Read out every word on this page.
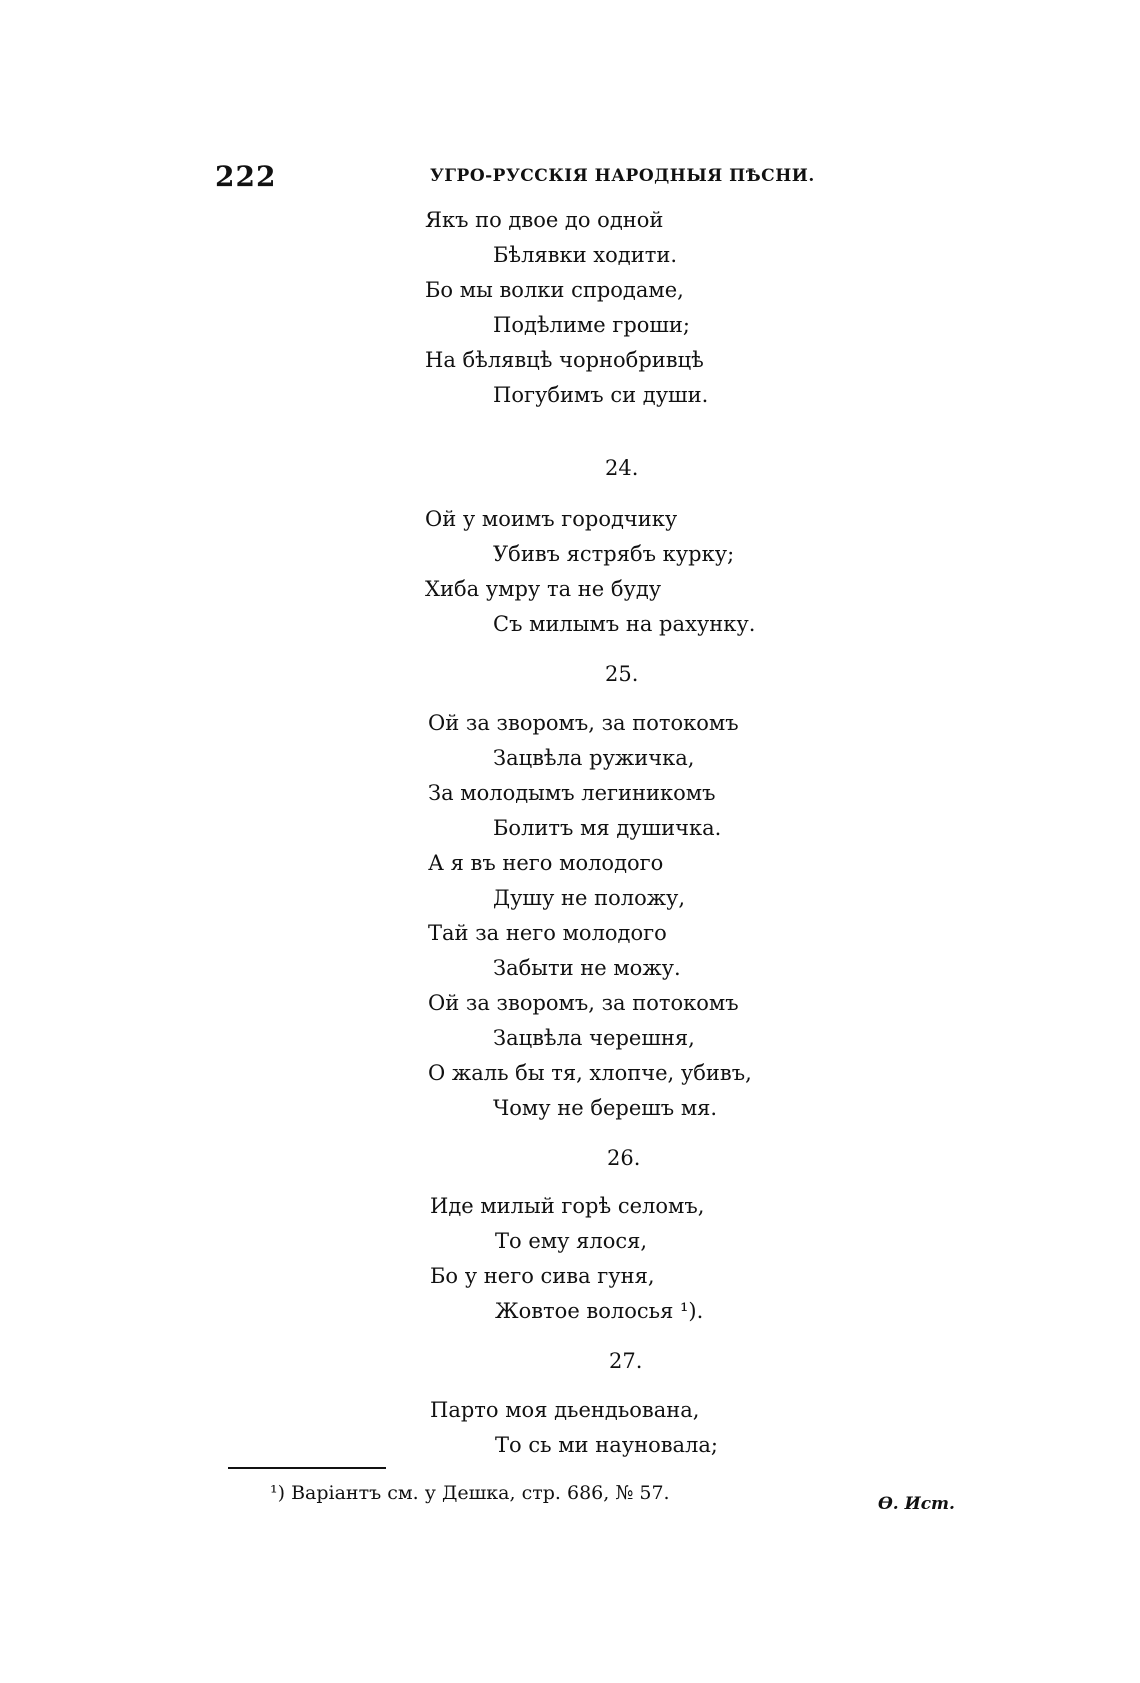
222	УГРО-РУССКІЯ НАРОДНЫЯ ПѢСНИ.
Якъ по двое до одной
Бѣлявки ходити.
Бо мы волки спродаме,
Подѣлиме гроши;
На бѣлявцѣ чорнобривцѣ
Погубимъ си души.
24.
Ой у моимъ городчику
Убивъ ястрябъ курку;
Хиба умру та не буду
Съ милымъ на рахунку.
25.
Ой за зворомъ, за потокомъ
Зацвѣла ружичка,
За молодымъ легиникомъ
Болитъ мя душичка.
А я въ него молодого
Душу не положу,
Тай за него молодого
Забыти не можу.
Ой за зворомъ, за потокомъ
Зацвѣла черешня,
О жаль бы тя, хлопче, убивъ,
Чому не берешъ мя.
26.
Иде милый горѣ селомъ,
То ему ялося,
Бо у него сива гуня,
Жовтое волосья ¹).
27.
Парто моя дьендьована,
То сь ми науновала;
¹) Варіантъ см. у Дешка, стр. 686, № 57.	Ѳ. Ист.
